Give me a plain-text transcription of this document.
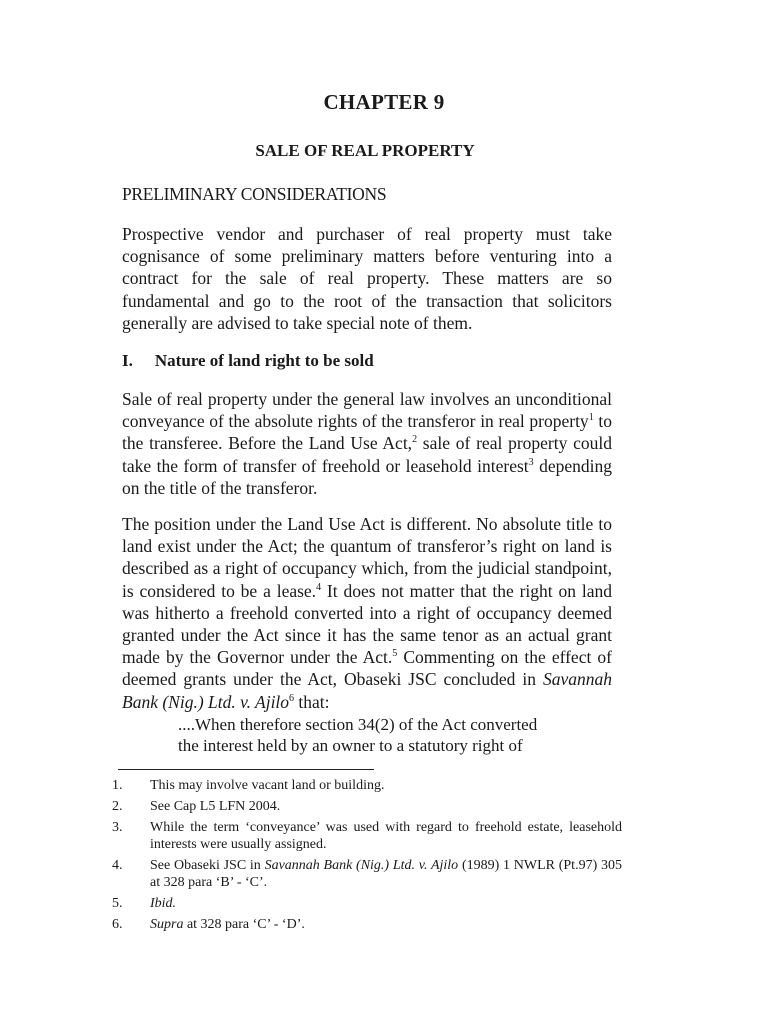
CHAPTER 9
SALE OF REAL PROPERTY
PRELIMINARY CONSIDERATIONS

Prospective vendor and purchaser of real property must take cognisance of some preliminary matters before venturing into a contract for the sale of real property. These matters are so fundamental and go to the root of the transaction that solicitors generally are advised to take special note of them.

I. Nature of land right to be sold

Sale of real property under the general law involves an unconditional conveyance of the absolute rights of the transferor in real property$^1$ to the transferee. Before the Land Use Act,$^2$ sale of real property could take the form of transfer of freehold or leasehold interest$^3$ depending on the title of the transferor.

The position under the Land Use Act is different. No absolute title to land exist under the Act; the quantum of transferor’s right on land is described as a right of occupancy which, from the judicial standpoint, is considered to be a lease.$^4$ It does not matter that the right on land was hitherto a freehold converted into a right of occupancy deemed granted under the Act since it has the same tenor as an actual grant made by the Governor under the Act.$^5$ Commenting on the effect of deemed grants under the Act, Obaseki JSC concluded in Savannah Bank (Nig.) Ltd. v. Ajilo$^6$ that:

....When therefore section 34(2) of the Act converted
the interest held by an owner to a statutory right of

1.	This may involve vacant land or building.
2.	See Cap L5 LFN 2004.
3.	While the term ‘conveyance’ was used with regard to freehold estate, leasehold interests were usually assigned.
4.	See Obaseki JSC in Savannah Bank (Nig.) Ltd. v. Ajilo (1989) 1 NWLR (Pt.97) 305 at 328 para ‘B’ - ‘C’.
5.	Ibid.
6.	Supra at 328 para ‘C’ - ‘D’.
